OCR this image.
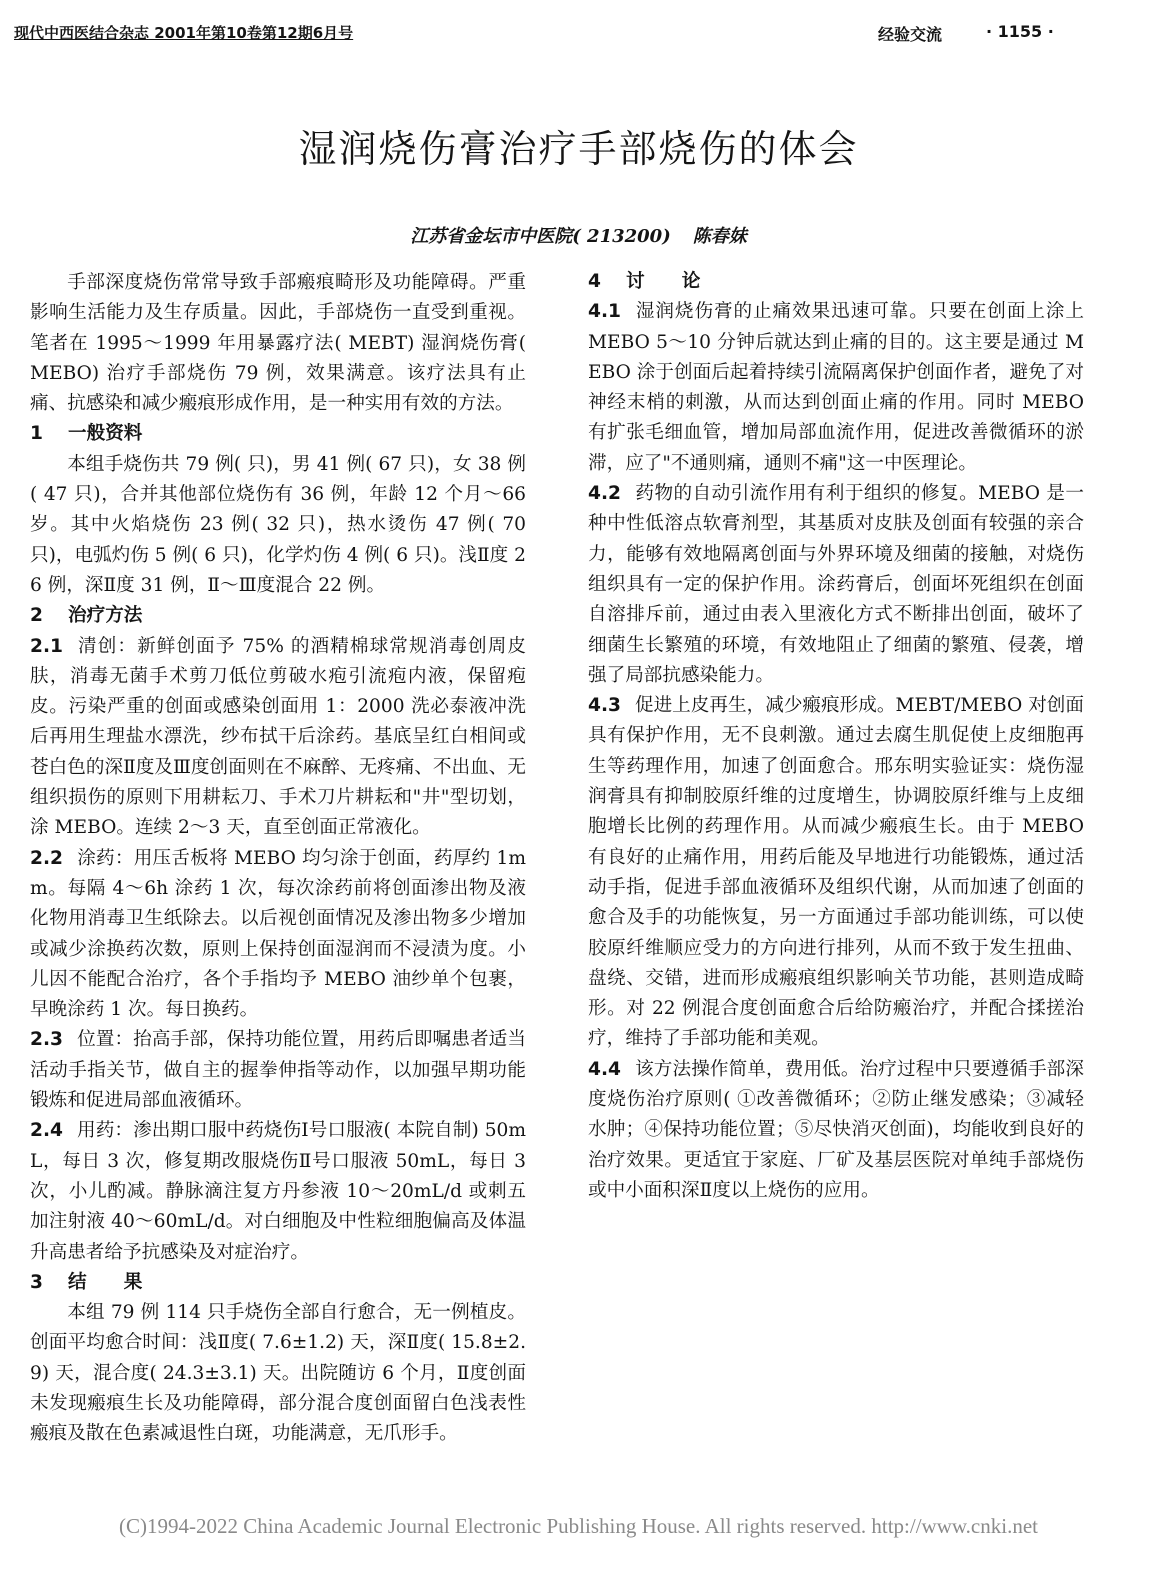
现代中西医结合杂志 2001年第10卷第12期6月号	经验交流	· 1155 ·
湿润烧伤膏治疗手部烧伤的体会
江苏省金坛市中医院( 213200) 陈春妹

手部深度烧伤常常导致手部瘢痕畸形及功能障碍。严重影响生活能力及生存质量。因此，手部烧伤一直受到重视。笔者在 1995～1999 年用暴露疗法( MEBT) 湿润烧伤膏( MEBO) 治疗手部烧伤 79 例，效果满意。该疗法具有止痛、抗感染和减少瘢痕形成作用，是一种实用有效的方法。

1 一般资料

本组手烧伤共 79 例( 只)，男 41 例( 67 只)，女 38 例( 47 只)，合并其他部位烧伤有 36 例，年龄 12 个月～66 岁。其中火焰烧伤 23 例( 32 只)，热水烫伤 47 例( 70 只)，电弧灼伤 5 例( 6 只)，化学灼伤 4 例( 6 只)。浅Ⅱ度 26 例，深Ⅱ度 31 例，Ⅱ～Ⅲ度混合 22 例。

2 治疗方法

2.1 清创：新鲜创面予 75% 的酒精棉球常规消毒创周皮肤，消毒无菌手术剪刀低位剪破水疱引流疱内液，保留疱皮。污染严重的创面或感染创面用 1：2000 洗必泰液冲洗后再用生理盐水漂洗，纱布拭干后涂药。基底呈红白相间或苍白色的深Ⅱ度及Ⅲ度创面则在不麻醉、无疼痛、不出血、无组织损伤的原则下用耕耘刀、手术刀片耕耘和"井"型切划，涂 MEBO。连续 2～3 天，直至创面正常液化。

2.2 涂药：用压舌板将 MEBO 均匀涂于创面，药厚约 1mm。每隔 4～6h 涂药 1 次，每次涂药前将创面渗出物及液化物用消毒卫生纸除去。以后视创面情况及渗出物多少增加或减少涂换药次数，原则上保持创面湿润而不浸渍为度。小儿因不能配合治疗，各个手指均予 MEBO 油纱单个包裹，早晚涂药 1 次。每日换药。

2.3 位置：抬高手部，保持功能位置，用药后即嘱患者适当活动手指关节，做自主的握拳伸指等动作，以加强早期功能锻炼和促进局部血液循环。

2.4 用药：渗出期口服中药烧伤Ⅰ号口服液( 本院自制) 50mL，每日 3 次，修复期改服烧伤Ⅱ号口服液 50mL，每日 3 次，小儿酌减。静脉滴注复方丹参液 10～20mL/d 或刺五加注射液 40～60mL/d。对白细胞及中性粒细胞偏高及体温升高患者给予抗感染及对症治疗。

3 结　　果

本组 79 例 114 只手烧伤全部自行愈合，无一例植皮。创面平均愈合时间：浅Ⅱ度( 7.6±1.2) 天，深Ⅱ度( 15.8±2.9) 天，混合度( 24.3±3.1) 天。出院随访 6 个月，Ⅱ度创面未发现瘢痕生长及功能障碍，部分混合度创面留白色浅表性瘢痕及散在色素减退性白斑，功能满意，无爪形手。

4 讨　　论

4.1 湿润烧伤膏的止痛效果迅速可靠。只要在创面上涂上 MEBO 5～10 分钟后就达到止痛的目的。这主要是通过 MEBO 涂于创面后起着持续引流隔离保护创面作者，避免了对神经末梢的刺激，从而达到创面止痛的作用。同时 MEBO 有扩张毛细血管，增加局部血流作用，促进改善微循环的淤滞，应了"不通则痛，通则不痛"这一中医理论。

4.2 药物的自动引流作用有利于组织的修复。MEBO 是一种中性低溶点软膏剂型，其基质对皮肤及创面有较强的亲合力，能够有效地隔离创面与外界环境及细菌的接触，对烧伤组织具有一定的保护作用。涂药膏后，创面坏死组织在创面自溶排斥前，通过由表入里液化方式不断排出创面，破坏了细菌生长繁殖的环境，有效地阻止了细菌的繁殖、侵袭，增强了局部抗感染能力。

4.3 促进上皮再生，减少瘢痕形成。MEBT/MEBO 对创面具有保护作用，无不良刺激。通过去腐生肌促使上皮细胞再生等药理作用，加速了创面愈合。邢东明实验证实：烧伤湿润膏具有抑制胶原纤维的过度增生，协调胶原纤维与上皮细胞增长比例的药理作用。从而减少瘢痕生长。由于 MEBO 有良好的止痛作用，用药后能及早地进行功能锻炼，通过活动手指，促进手部血液循环及组织代谢，从而加速了创面的愈合及手的功能恢复，另一方面通过手部功能训练，可以使胶原纤维顺应受力的方向进行排列，从而不致于发生扭曲、盘绕、交错，进而形成瘢痕组织影响关节功能，甚则造成畸形。对 22 例混合度创面愈合后给防瘢治疗，并配合揉搓治疗，维持了手部功能和美观。

4.4 该方法操作简单，费用低。治疗过程中只要遵循手部深度烧伤治疗原则( ①改善微循环；②防止继发感染；③减轻水肿；④保持功能位置；⑤尽快消灭创面)，均能收到良好的治疗效果。更适宜于家庭、厂矿及基层医院对单纯手部烧伤或中小面积深Ⅱ度以上烧伤的应用。

(C)1994-2022 China Academic Journal Electronic Publishing House. All rights reserved. http://www.cnki.net
